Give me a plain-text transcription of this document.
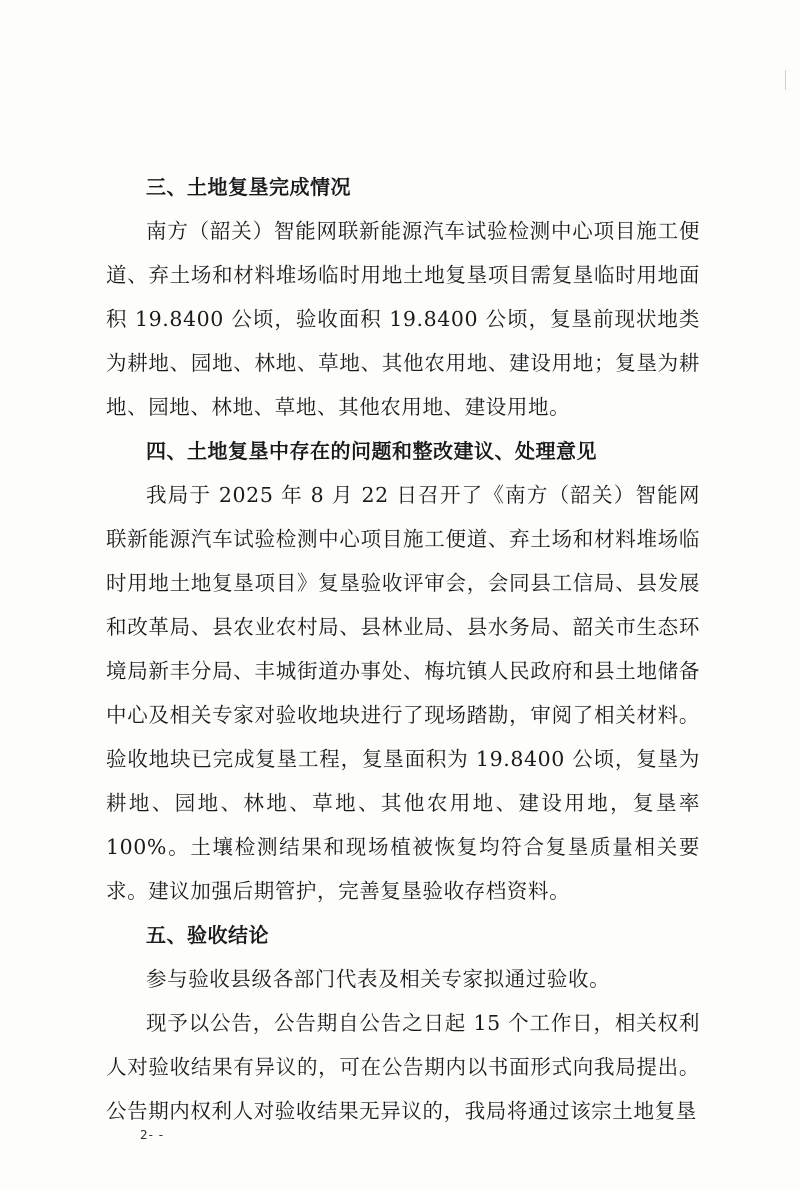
三、土地复垦完成情况

南方（韶关）智能网联新能源汽车试验检测中心项目施工便道、弃土场和材料堆场临时用地土地复垦项目需复垦临时用地面积 19.8400 公顷，验收面积 19.8400 公顷，复垦前现状地类为耕地、园地、林地、草地、其他农用地、建设用地；复垦为耕地、园地、林地、草地、其他农用地、建设用地。

四、土地复垦中存在的问题和整改建议、处理意见

我局于 2025 年 8 月 22 日召开了《南方（韶关）智能网联新能源汽车试验检测中心项目施工便道、弃土场和材料堆场临时用地土地复垦项目》复垦验收评审会，会同县工信局、县发展和改革局、县农业农村局、县林业局、县水务局、韶关市生态环境局新丰分局、丰城街道办事处、梅坑镇人民政府和县土地储备中心及相关专家对验收地块进行了现场踏勘，审阅了相关材料。验收地块已完成复垦工程，复垦面积为 19.8400 公顷，复垦为耕地、园地、林地、草地、其他农用地、建设用地，复垦率 100%。土壤检测结果和现场植被恢复均符合复垦质量相关要求。建议加强后期管护，完善复垦验收存档资料。

五、验收结论

参与验收县级各部门代表及相关专家拟通过验收。

现予以公告，公告期自公告之日起 15 个工作日，相关权利人对验收结果有异议的，可在公告期内以书面形式向我局提出。公告期内权利人对验收结果无异议的，我局将通过该宗土地复垦

2- -
